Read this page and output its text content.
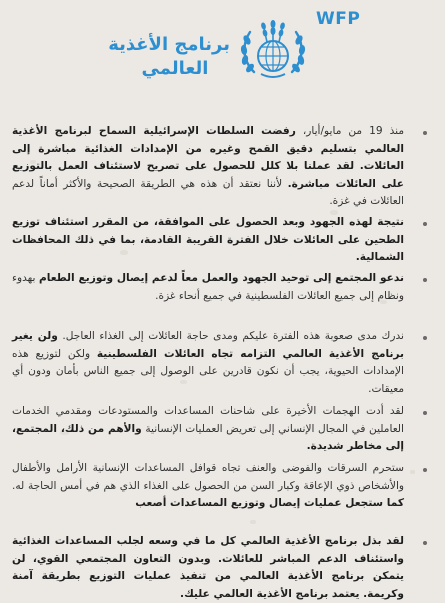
WFP
برنامج الأغذية
العالمي
منذ 19 من مايو/أيار، رفضت السلطات الإسرائيلية السماح لبرنامج الأغذية العالمي بتسليم دقيق القمح وغيره من الإمدادات الغذائية مباشرة إلى العائلات. لقد عملنا بلا كلل للحصول على تصريح لاستئناف العمل بالتوزيع على العائلات مباشرة. لأننا نعتقد أن هذه هي الطريقة الصحيحة والأكثر أماناً لدعم العائلات في غزة.
نتيجة لهذه الجهود وبعد الحصول على الموافقة، من المقرر استئناف توزيع الطحين على العائلات خلال الفترة القريبة القادمة، بما في ذلك المحافظات الشمالية.
ندعو المجتمع إلى توحيد الجهود والعمل معاً لدعم إيصال وتوزيع الطعام بهدوء ونظام إلى جميع العائلات الفلسطينية في جميع أنحاء غزة.
ندرك مدى صعوبة هذه الفترة عليكم ومدى حاجة العائلات إلى الغذاء العاجل. ولن يغير برنامج الأغذية العالمي التزامه تجاه العائلات الفلسطينية ولكن لتوزيع هذه الإمدادات الحيوية، يجب أن نكون قادرين على الوصول إلى جميع الناس بأمان ودون أي معيقات.
لقد أدت الهجمات الأخيرة على شاحنات المساعدات والمستودعات ومقدمي الخدمات العاملين في المجال الإنساني إلى تعريض العمليات الإنسانية والأهم من ذلك، المجتمع، إلى مخاطر شديدة.
ستحرم السرقات والفوضى والعنف تجاه قوافل المساعدات الإنسانية الأرامل والأطفال والأشخاص ذوي الإعاقة وكبار السن من الحصول على الغذاء الذي هم في أمس الحاجة له. كما ستجعل عمليات إيصال وتوزيع المساعدات أصعب
لقد بذل برنامج الأغذية العالمي كل ما في وسعه لجلب المساعدات الغذائية واستئناف الدعم المباشر للعائلات. وبدون التعاون المجتمعي القوي، لن يتمكن برنامج الأغذية العالمي من تنفيذ عمليات التوزيع بطريقة آمنة وكريمة. يعتمد برنامج الأغذية العالمي عليك.
